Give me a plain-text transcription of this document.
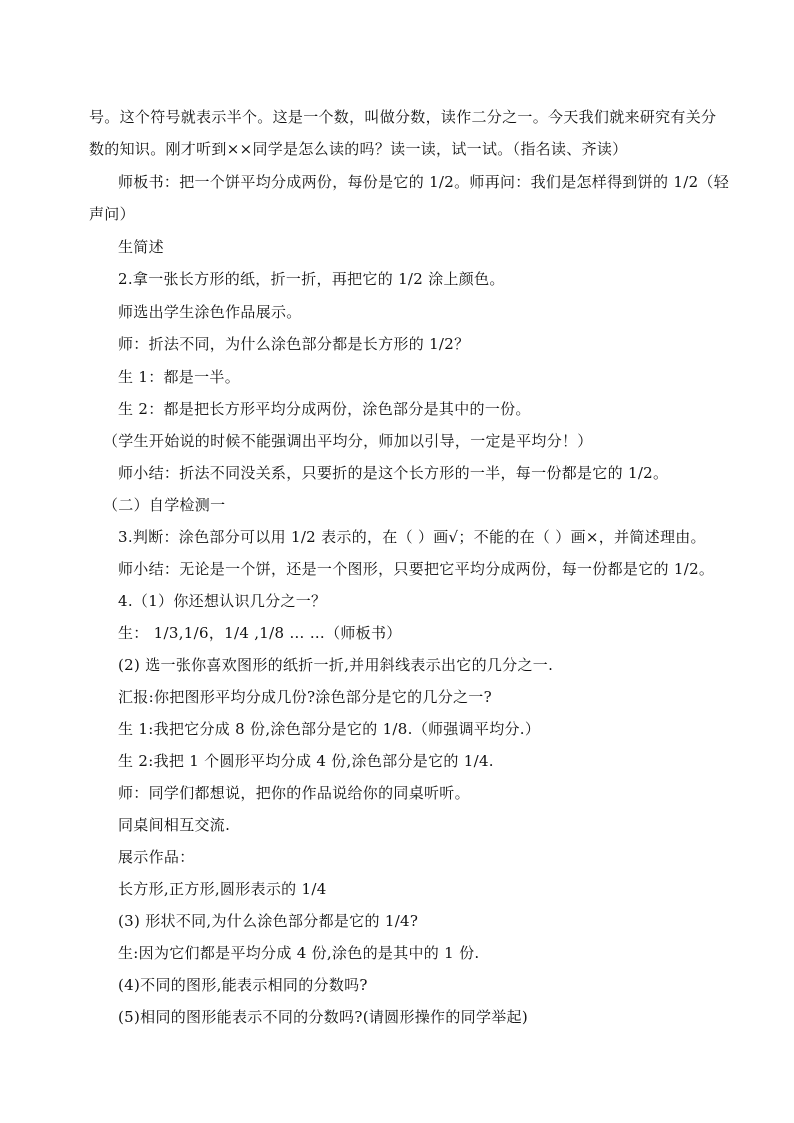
号。这个符号就表示半个。这是一个数，叫做分数，读作二分之一。今天我们就来研究有关分
数的知识。刚才听到××同学是怎么读的吗？读一读，试一试。（指名读、齐读）
师板书：把一个饼平均分成两份，每份是它的 1/2。师再问：我们是怎样得到饼的 1/2（轻
声问）
生简述
2.拿一张长方形的纸，折一折，再把它的 1/2 涂上颜色。
师选出学生涂色作品展示。
师：折法不同，为什么涂色部分都是长方形的 1/2？
生 1：都是一半。
生 2：都是把长方形平均分成两份，涂色部分是其中的一份。
（学生开始说的时候不能强调出平均分，师加以引导，一定是平均分！）
师小结：折法不同没关系，只要折的是这个长方形的一半，每一份都是它的 1/2。
（二）自学检测一
3.判断：涂色部分可以用 1/2 表示的，在（ ）画√；不能的在（ ）画×，并简述理由。
师小结：无论是一个饼，还是一个图形，只要把它平均分成两份，每一份都是它的 1/2。
4.（1）你还想认识几分之一？
生： 1/3,1/6，1/4 ,1/8 … …（师板书）
(2) 选一张你喜欢图形的纸折一折,并用斜线表示出它的几分之一.
汇报:你把图形平均分成几份?涂色部分是它的几分之一?
生 1:我把它分成 8 份,涂色部分是它的 1/8.（师强调平均分.）
生 2:我把 1 个圆形平均分成 4 份,涂色部分是它的 1/4.
师：同学们都想说，把你的作品说给你的同桌听听。
同桌间相互交流.
展示作品：
长方形,正方形,圆形表示的 1/4
(3) 形状不同,为什么涂色部分都是它的 1/4?
生:因为它们都是平均分成 4 份,涂色的是其中的 1 份.
(4)不同的图形,能表示相同的分数吗?
(5)相同的图形能表示不同的分数吗?(请圆形操作的同学举起)
